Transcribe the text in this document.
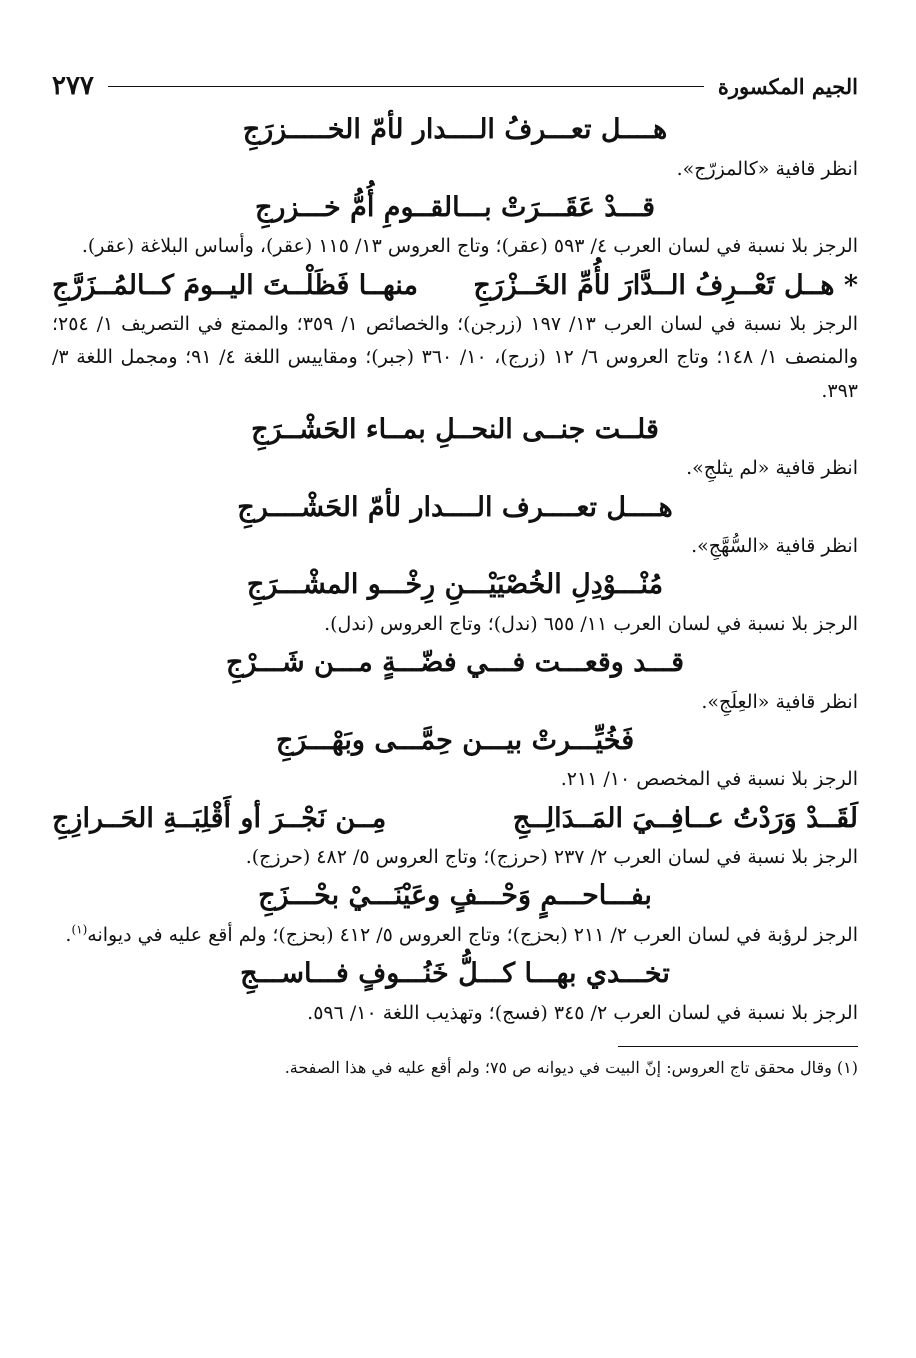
الجيم المكسورة
٢٧٧
هــــل تعـــرفُ الــــدار لأمّ الخـــــزرَجِ
انظر قافية «كالمزرّج».
قـــدْ عَقَـــرَتْ بـــالقــومِ أُمُّ خـــزرجِ
الرجز بلا نسبة في لسان العرب ٤/ ٥٩٣ (عقر)؛ وتاج العروس ١٣/ ١١٥ (عقر)، وأساس البلاغة (عقر).
* هــل تَعْــرِفُ الــدَّارَ لأُمِّ الخَــزْرَجِ
منهــا فَظَلْــتَ اليــومَ كــالمُــزَرَّجِ
الرجز بلا نسبة في لسان العرب ١٣/ ١٩٧ (زرجن)؛ والخصائص ١/ ٣٥٩؛ والممتع في التصريف ١/ ٢٥٤؛ والمنصف ١/ ١٤٨؛ وتاج العروس ٦/ ١٢ (زرج)، ١٠/ ٣٦٠ (جبر)؛ ومقاييس اللغة ٤/ ٩١؛ ومجمل اللغة ٣/ ٣٩٣.
قلــت جنــى النحــلِ بمــاء الحَشْــرَجِ
انظر قافية «لم يثلجِ».
هــــل تعــــرف الــــدار لأمّ الحَشْــــرجِ
انظر قافية «السُّهَّجِ».
مُنْـــوْدِلِ الخُصْيَيْـــنِ رِخْـــو المشْـــرَجِ
الرجز بلا نسبة في لسان العرب ١١/ ٦٥٥ (ندل)؛ وتاج العروس (ندل).
قـــد وقعـــت فـــي فضّـــةٍ مـــن شَـــرْجِ
انظر قافية «العِلَجِ».
فَخُيِّـــرتْ بيـــن حِمَّـــى وبَهْـــرَجِ
الرجز بلا نسبة في المخصص ١٠/ ٢١١.
لَقَــدْ وَرَدْتُ عــافِــيَ المَــدَالِــجِ
مِــن نَجْــرَ أو أَقْلِبَــةِ الحَــرازِجِ
الرجز بلا نسبة في لسان العرب ٢/ ٢٣٧ (حرزج)؛ وتاج العروس ٥/ ٤٨٢ (حرزج).
بفـــاحـــمٍ وَحْـــفٍ وعَيْنَـــيْ بحْـــزَجِ
الرجز لرؤبة في لسان العرب ٢/ ٢١١ (بحزج)؛ وتاج العروس ٥/ ٤١٢ (بحزج)؛ ولم أقع عليه في ديوانه$^{(١)}$.
تخـــدي بهـــا كـــلُّ خَنُـــوفٍ فـــاســـجِ
الرجز بلا نسبة في لسان العرب ٢/ ٣٤٥ (فسج)؛ وتهذيب اللغة ١٠/ ٥٩٦.
(١) وقال محقق تاج العروس: إنّ البيت في ديوانه ص ٧٥؛ ولم أقع عليه في هذا الصفحة.
